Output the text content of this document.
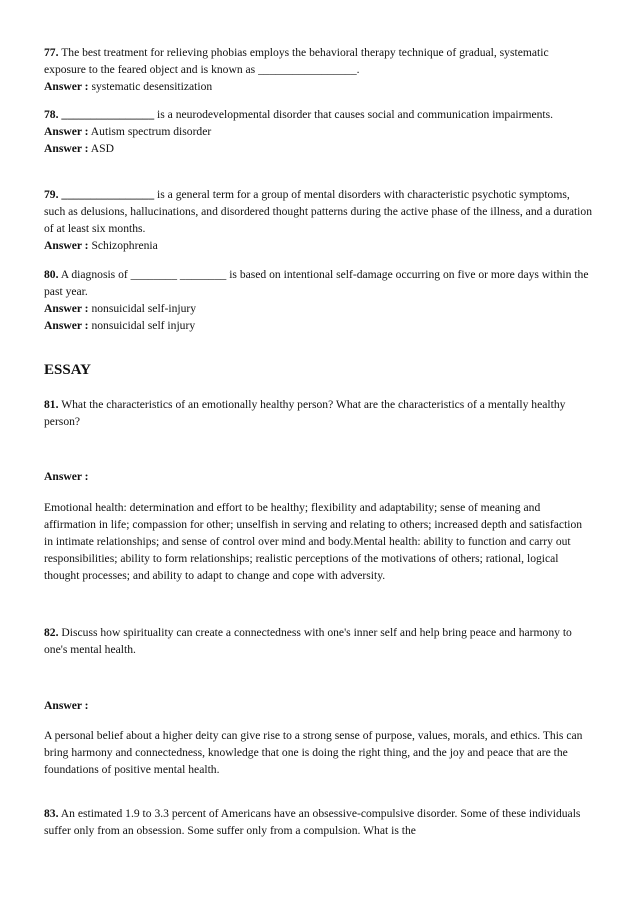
77. The best treatment for relieving phobias employs the behavioral therapy technique of gradual, systematic exposure to the feared object and is known as _________________.

Answer : systematic desensitization

78. ________________ is a neurodevelopmental disorder that causes social and communication impairments.

Answer : Autism spectrum disorder

Answer : ASD

79. ________________ is a general term for a group of mental disorders with characteristic psychotic symptoms, such as delusions, hallucinations, and disordered thought patterns during the active phase of the illness, and a duration of at least six months.

Answer : Schizophrenia

80. A diagnosis of ________ ________ is based on intentional self-damage occurring on five or more days within the past year.

Answer : nonsuicidal self-injury

Answer : nonsuicidal self injury

ESSAY

81. What the characteristics of an emotionally healthy person? What are the characteristics of a mentally healthy person?

Answer :

Emotional health: determination and effort to be healthy; flexibility and adaptability; sense of meaning and affirmation in life; compassion for other; unselfish in serving and relating to others; increased depth and satisfaction in intimate relationships; and sense of control over mind and body.Mental health: ability to function and carry out responsibilities; ability to form relationships; realistic perceptions of the motivations of others; rational, logical thought processes; and ability to adapt to change and cope with adversity.

82. Discuss how spirituality can create a connectedness with one's inner self and help bring peace and harmony to one's mental health.

Answer :

A personal belief about a higher deity can give rise to a strong sense of purpose, values, morals, and ethics. This can bring harmony and connectedness, knowledge that one is doing the right thing, and the joy and peace that are the foundations of positive mental health.

83. An estimated 1.9 to 3.3 percent of Americans have an obsessive-compulsive disorder. Some of these individuals suffer only from an obsession. Some suffer only from a compulsion. What is the
